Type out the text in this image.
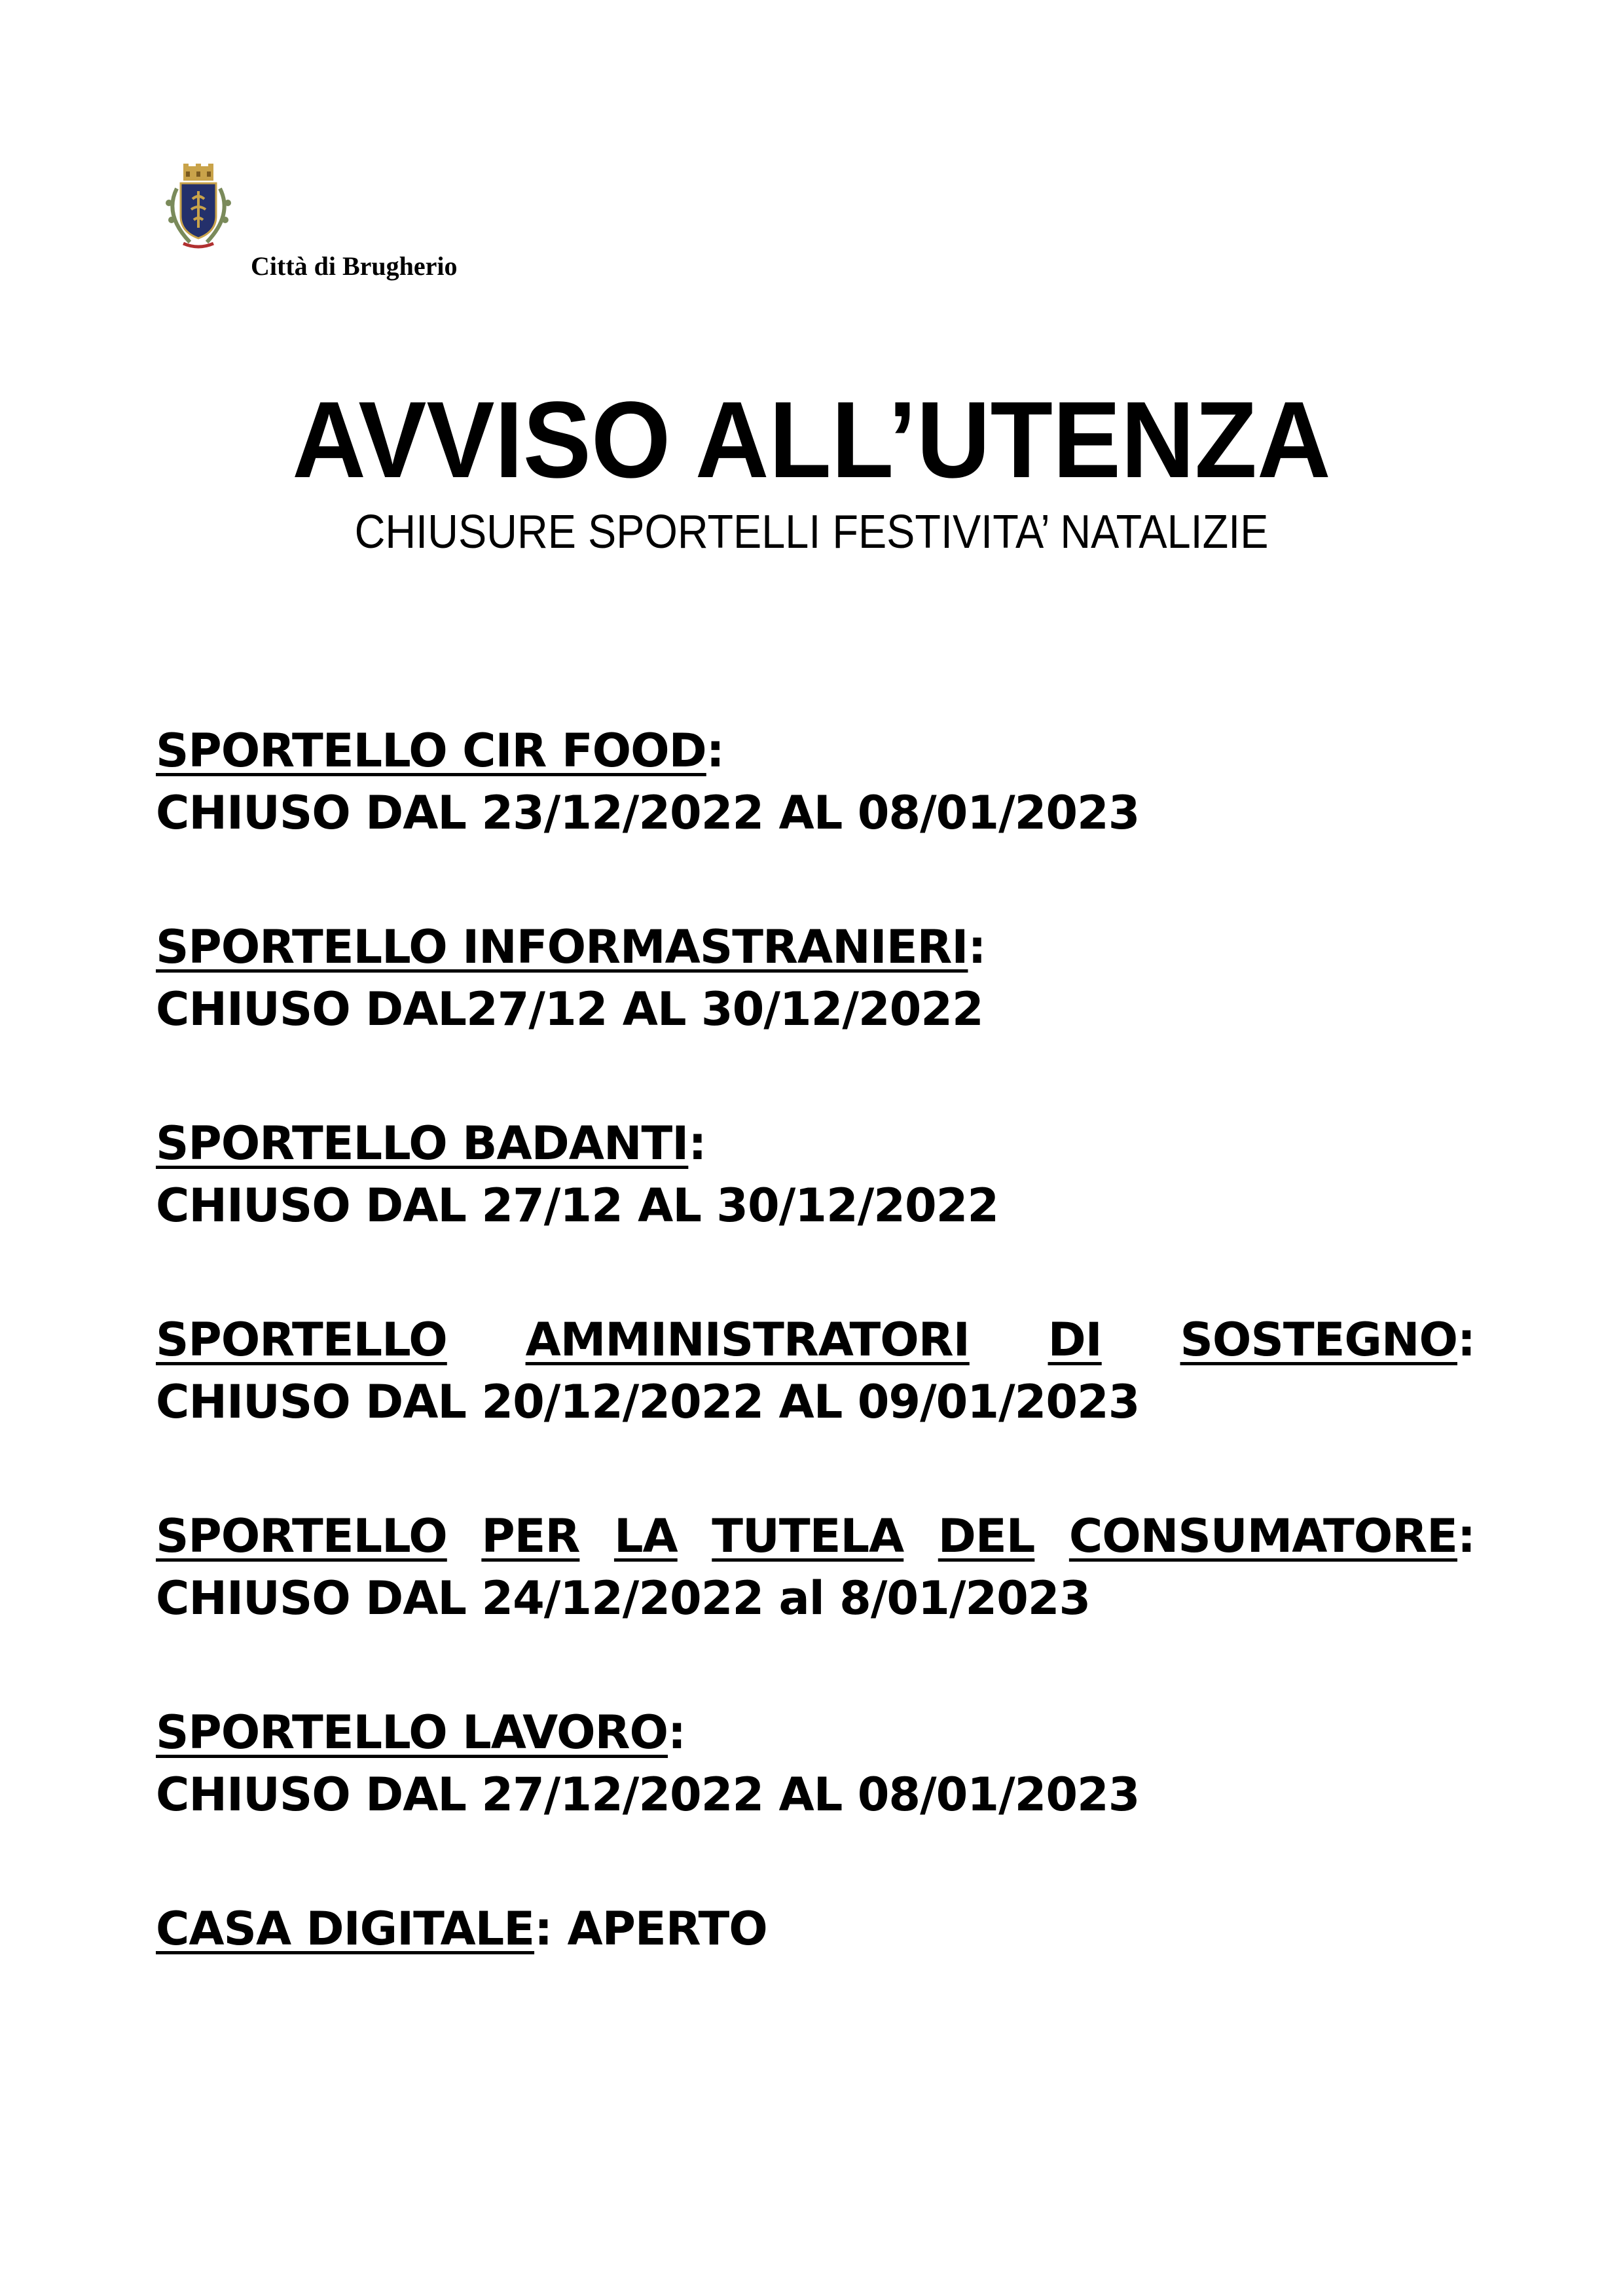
Città di Brugherio
AVVISO ALL’UTENZA
CHIUSURE SPORTELLI FESTIVITA’ NATALIZIE
SPORTELLO CIR FOOD:
CHIUSO DAL 23/12/2022 AL 08/01/2023
SPORTELLO INFORMASTRANIERI:
CHIUSO DAL27/12 AL 30/12/2022
SPORTELLO BADANTI:
CHIUSO DAL 27/12 AL 30/12/2022
SPORTELLO AMMINISTRATORI DI SOSTEGNO:
CHIUSO DAL 20/12/2022 AL 09/01/2023
SPORTELLO PER LA TUTELA DEL CONSUMATORE:
CHIUSO DAL 24/12/2022 al 8/01/2023
SPORTELLO LAVORO:
CHIUSO DAL 27/12/2022 AL 08/01/2023
CASA DIGITALE: APERTO
